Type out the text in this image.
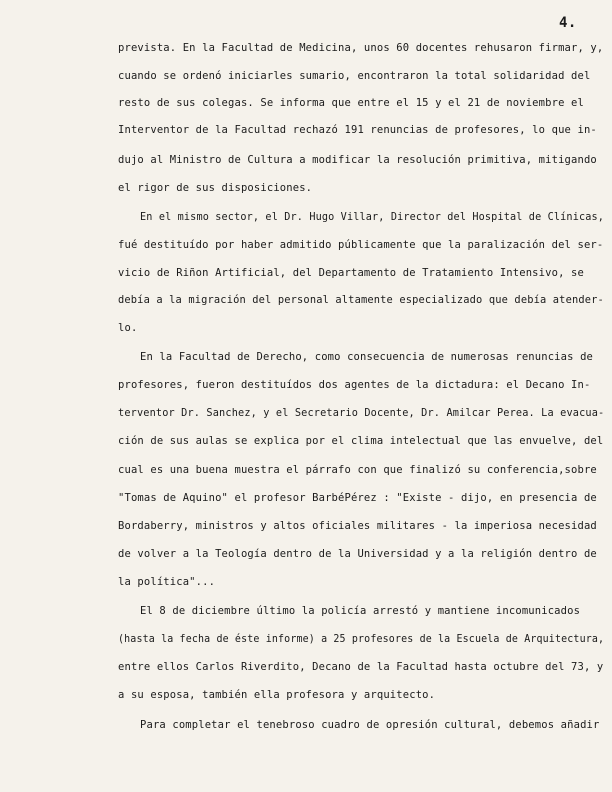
4.
prevista. En la Facultad de Medicina, unos 60 docentes rehusaron firmar, y,
cuando se ordenó iniciarles sumario, encontraron la total solidaridad del
resto de sus colegas. Se informa que entre el 15 y el 21 de noviembre el
Interventor de la Facultad rechazó 191 renuncias de profesores, lo que in-
dujo al Ministro de Cultura a modificar la resolución primitiva, mitigando
el rigor de sus disposiciones.
En el mismo sector, el Dr. Hugo Villar, Director del Hospital de Clínicas,
fué destituído por haber admitido públicamente que la paralización del ser-
vicio de Riñon Artificial, del Departamento de Tratamiento Intensivo, se
debía a la migración del personal altamente especializado que debía atender-
lo.
En la Facultad de Derecho, como consecuencia de numerosas renuncias de
profesores, fueron destituídos dos agentes de la dictadura: el Decano In-
terventor Dr. Sanchez, y el Secretario Docente, Dr. Amilcar Perea. La evacua-
ción de sus aulas se explica por el clima intelectual que las envuelve, del
cual es una buena muestra el párrafo con que finalizó su conferencia,sobre
"Tomas de Aquino" el profesor BarbéPérez : "Existe - dijo, en presencia de
Bordaberry, ministros y altos oficiales militares - la imperiosa necesidad
de volver a la Teología dentro de la Universidad y a la religión dentro de
la política"...
El 8 de diciembre último la policía arrestó y mantiene incomunicados
(hasta la fecha de éste informe) a 25 profesores de la Escuela de Arquitectura,
entre ellos Carlos Riverdito, Decano de la Facultad hasta octubre del 73, y
a su esposa, también ella profesora y arquitecto.
Para completar el tenebroso cuadro de opresión cultural, debemos añadir
